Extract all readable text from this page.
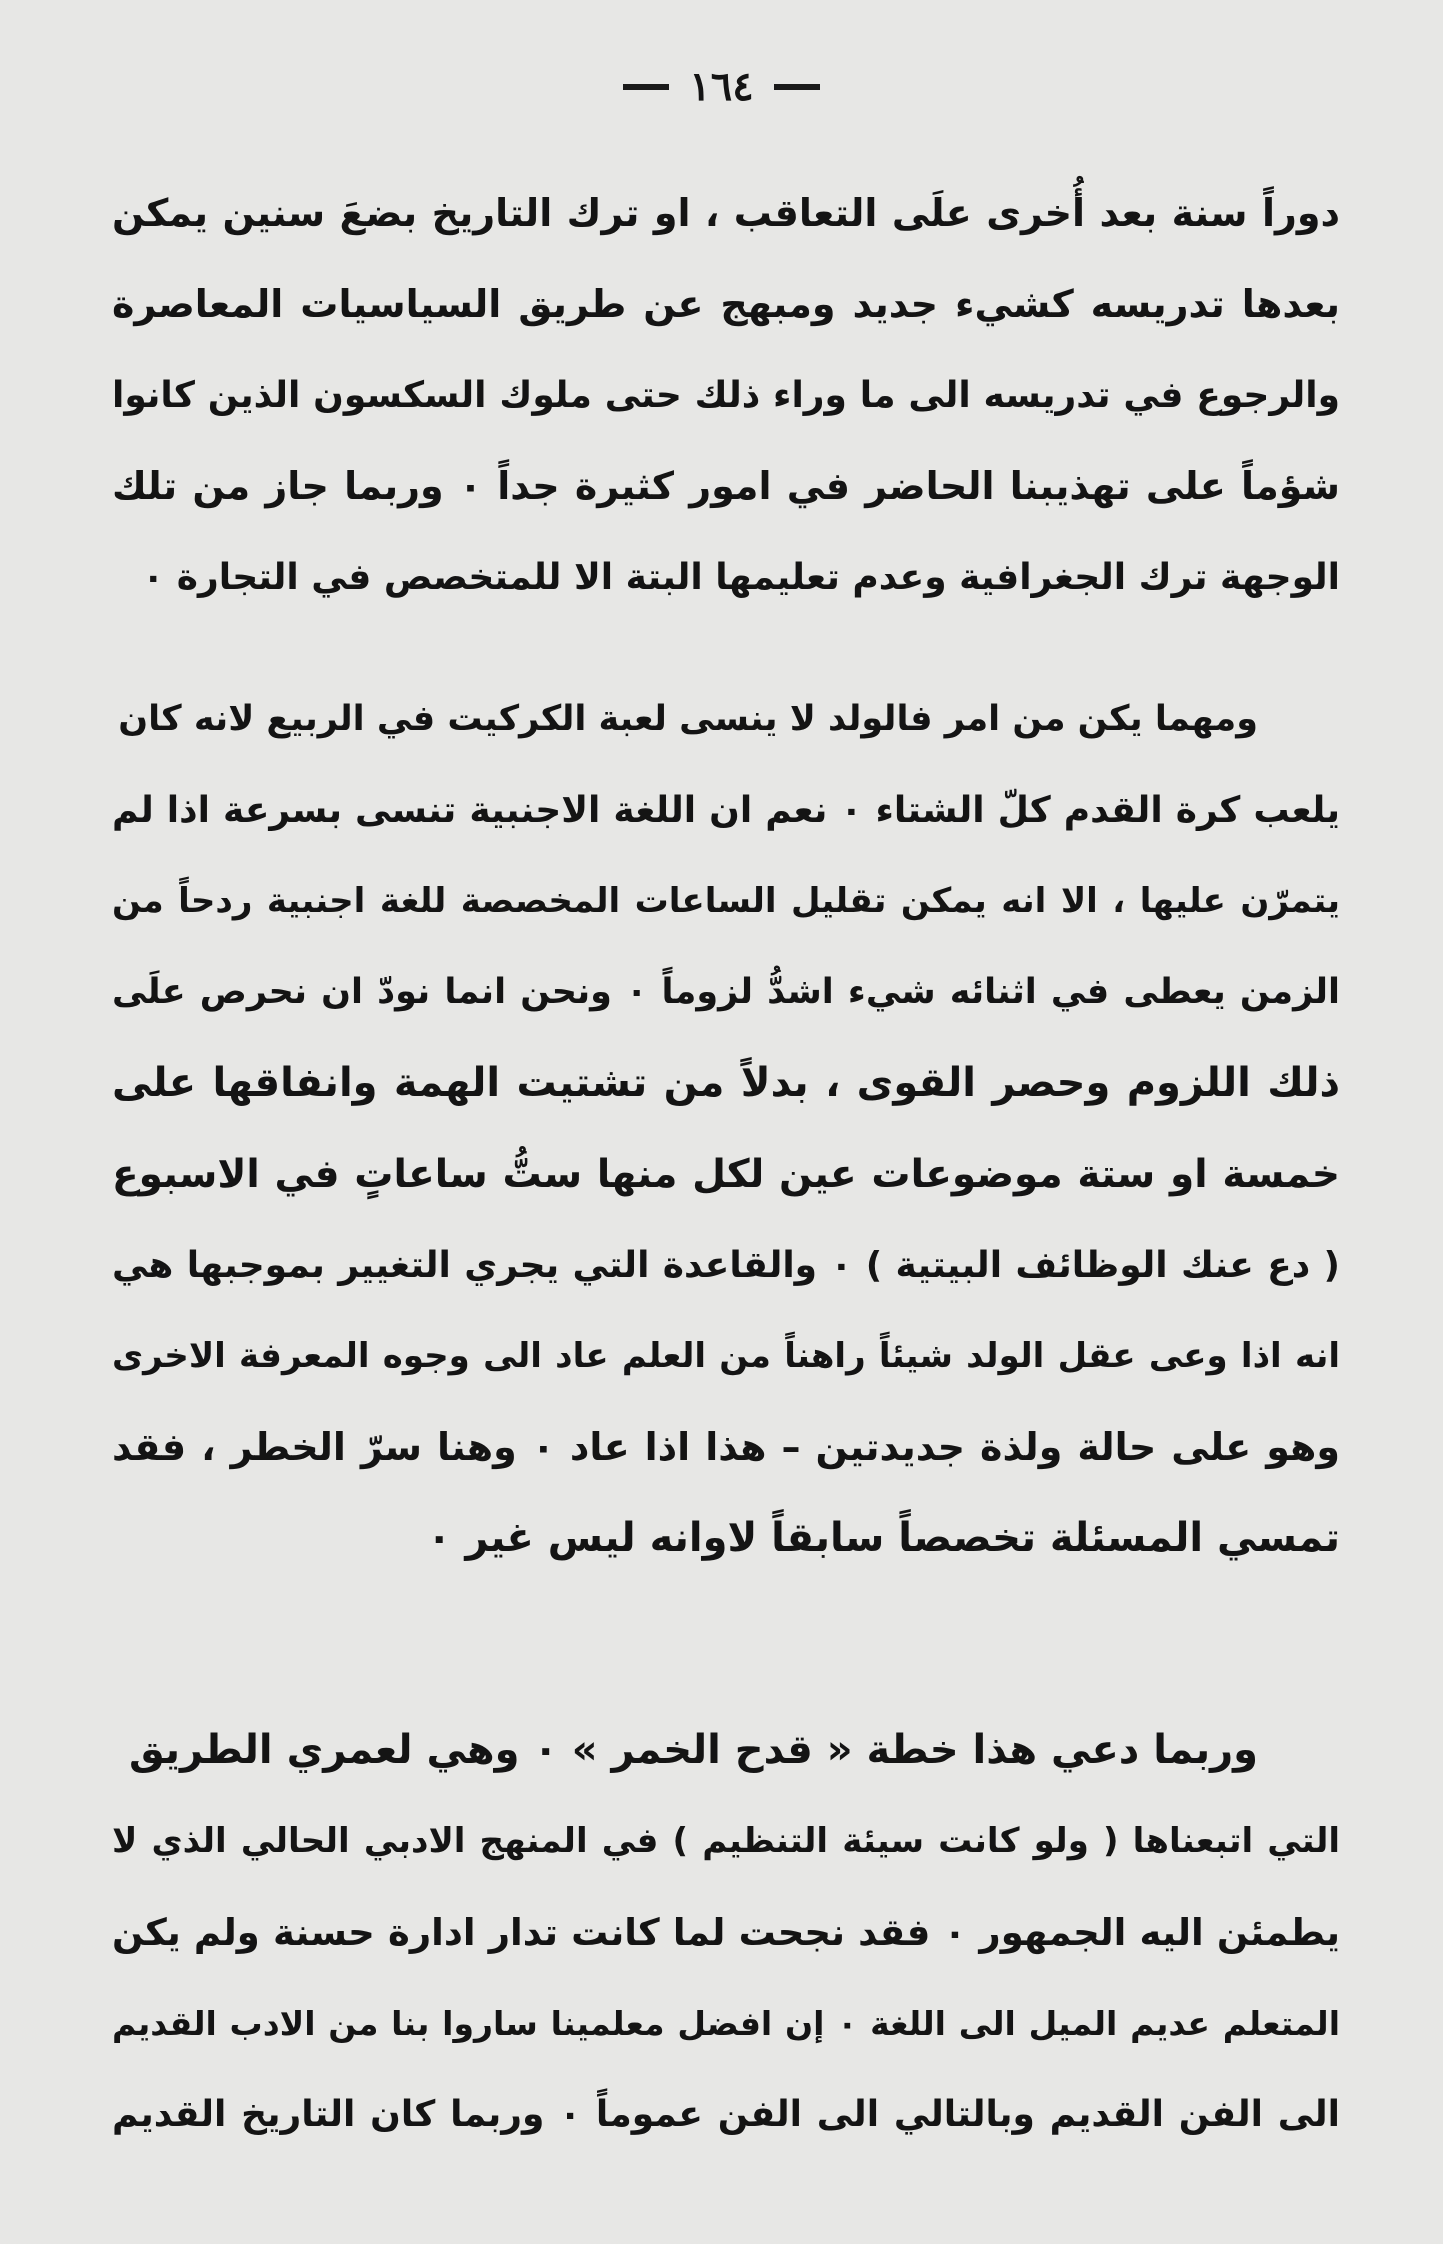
١٦٤
دوراً سنة بعد أُخرى علَى التعاقب ، او ترك التاريخ بضعَ سنين يمكن
بعدها تدريسه كشيء جديد ومبهج عن طريق السياسيات المعاصرة
والرجوع في تدريسه الى ما وراء ذلك حتى ملوك السكسون الذين كانوا
شؤماً على تهذيبنا الحاضر في امور كثيرة جداً ٠ وربما جاز من تلك
الوجهة ترك الجغرافية وعدم تعليمها البتة الا للمتخصص في التجارة ٠
ومهما يكن من امر فالولد لا ينسى لعبة الكركيت في الربيع لانه كان
يلعب كرة القدم كلّ الشتاء ٠ نعم ان اللغة الاجنبية تنسى بسرعة اذا لم
يتمرّن عليها ، الا انه يمكن تقليل الساعات المخصصة للغة اجنبية ردحاً من
الزمن يعطى في اثنائه شيء اشدُّ لزوماً ٠ ونحن انما نودّ ان نحرص علَى
ذلك اللزوم وحصر القوى ، بدلاً من تشتيت الهمة وانفاقها على
خمسة او ستة موضوعات عين لكل منها ستُّ ساعاتٍ في الاسبوع
( دع عنك الوظائف البيتية ) ٠ والقاعدة التي يجري التغيير بموجبها هي
انه اذا وعى عقل الولد شيئاً راهناً من العلم عاد الى وجوه المعرفة الاخرى
وهو على حالة ولذة جديدتين – هذا اذا عاد ٠ وهنا سرّ الخطر ، فقد
تمسي المسئلة تخصصاً سابقاً لاوانه ليس غير ٠
وربما دعي هذا خطة « قدح الخمر » ٠ وهي لعمري الطريق
التي اتبعناها ( ولو كانت سيئة التنظيم ) في المنهج الادبي الحالي الذي لا
يطمئن اليه الجمهور ٠ فقد نجحت لما كانت تدار ادارة حسنة ولم يكن
المتعلم عديم الميل الى اللغة ٠ إن افضل معلمينا ساروا بنا من الادب القديم
الى الفن القديم وبالتالي الى الفن عموماً ٠ وربما كان التاريخ القديم
